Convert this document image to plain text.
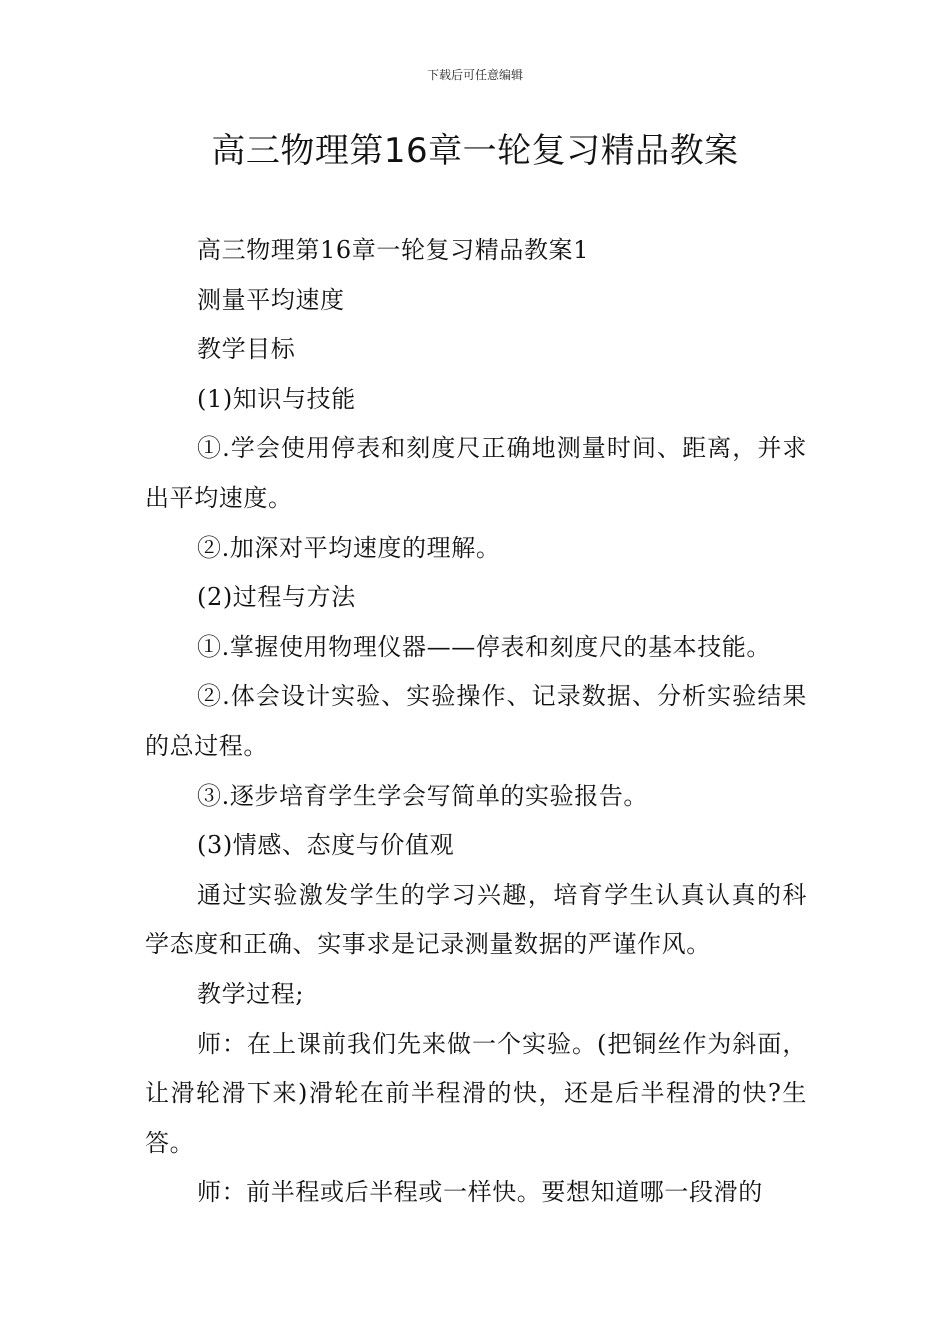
下载后可任意编辑
高三物理第16章一轮复习精品教案

高三物理第16章一轮复习精品教案1

测量平均速度

教学目标

(1)知识与技能

①.学会使用停表和刻度尺正确地测量时间、距离，并求出平均速度。

②.加深对平均速度的理解。

(2)过程与方法

①.掌握使用物理仪器——停表和刻度尺的基本技能。

②.体会设计实验、实验操作、记录数据、分析实验结果的总过程。

③.逐步培育学生学会写简单的实验报告。

(3)情感、态度与价值观

通过实验激发学生的学习兴趣，培育学生认真认真的科学态度和正确、实事求是记录测量数据的严谨作风。

教学过程;

师：在上课前我们先来做一个实验。(把铜丝作为斜面，让滑轮滑下来)滑轮在前半程滑的快，还是后半程滑的快?生答。

师：前半程或后半程或一样快。要想知道哪一段滑的
